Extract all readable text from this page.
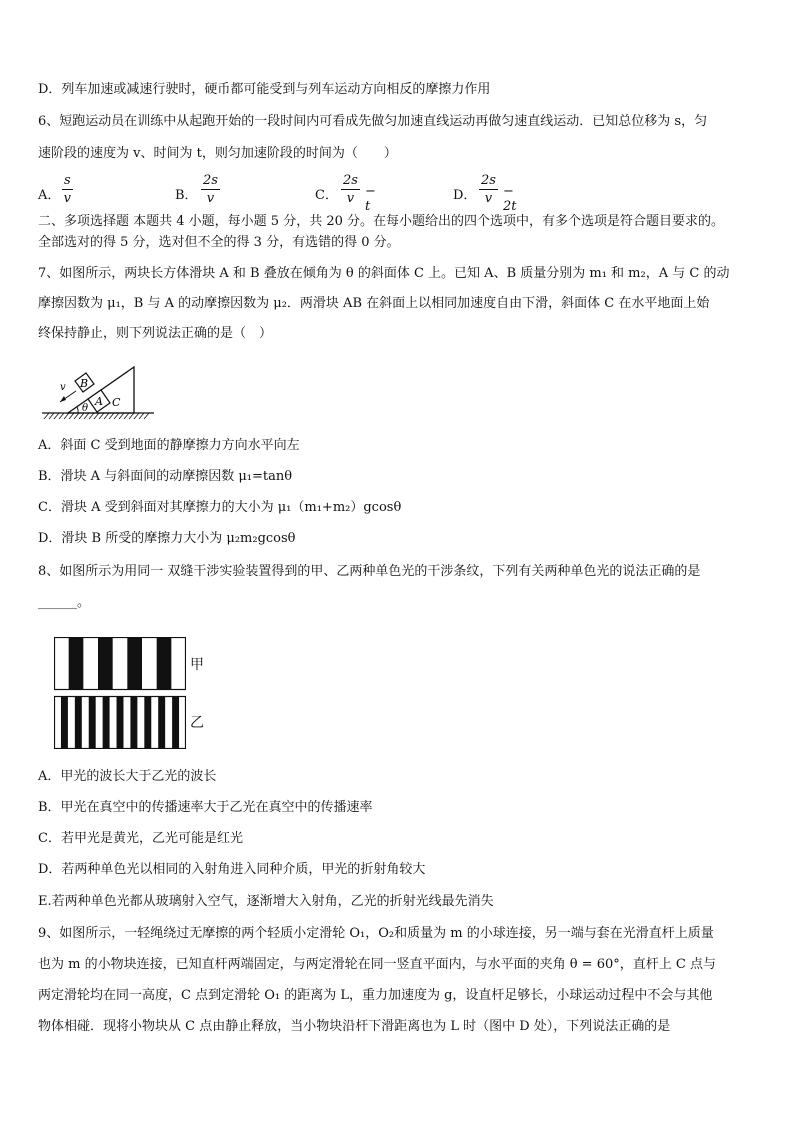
D．列车加速或减速行驶时，硬币都可能受到与列车运动方向相反的摩擦力作用
6、短跑运动员在训练中从起跑开始的一段时间内可看成先做匀加速直线运动再做匀速直线运动．已知总位移为 s，匀
速阶段的速度为 v、时间为 t，则匀加速阶段的时间为（　　）
A． $\frac{s}{v}$	B． $\frac{2s}{v}$	C． $\frac{2s}{v} - t$
D． $\frac{2s}{v} - 2t$
二、多项选择题 本题共 4 小题，每小题 5 分，共 20 分。在每小题给出的四个选项中，有多个选项是符合题目要求的。
全部选对的得 5 分，选对但不全的得 3 分，有选错的得 0 分。
7、如图所示，两块长方体滑块 A 和 B 叠放在倾角为 θ 的斜面体 C 上。已知 A、B 质量分别为 m₁ 和 m₂，A 与 C 的动
摩擦因数为 μ₁，B 与 A 的动摩擦因数为 μ₂．两滑块 AB 在斜面上以相同加速度自由下滑，斜面体 C 在水平地面上始
终保持静止，则下列说法正确的是（　）
B
A C
v
θ
A．斜面 C 受到地面的静摩擦力方向水平向左
B．滑块 A 与斜面间的动摩擦因数 μ₁=tanθ
C．滑块 A 受到斜面对其摩擦力的大小为 μ₁（m₁+m₂）gcosθ
D．滑块 B 所受的摩擦力大小为 μ₂m₂gcosθ
8、如图所示为用同一 双缝干涉实验装置得到的甲、乙两种单色光的干涉条纹，下列有关两种单色光的说法正确的是
______。
甲
乙
A．甲光的波长大于乙光的波长
B．甲光在真空中的传播速率大于乙光在真空中的传播速率
C．若甲光是黄光，乙光可能是红光
D．若两种单色光以相同的入射角进入同种介质，甲光的折射角较大
E.若两种单色光都从玻璃射入空气，逐渐增大入射角，乙光的折射光线最先消失
9、如图所示，一轻绳绕过无摩擦的两个轻质小定滑轮 O₁，O₂和质量为 m 的小球连接，另一端与套在光滑直杆上质量
也为 m 的小物块连接，已知直杆两端固定，与两定滑轮在同一竖直平面内，与水平面的夹角 θ = 60°，直杆上 C 点与
两定滑轮均在同一高度，C 点到定滑轮 O₁ 的距离为 L，重力加速度为 g，设直杆足够长，小球运动过程中不会与其他
物体相碰．现将小物块从 C 点由静止释放，当小物块沿杆下滑距离也为 L 时（图中 D 处），下列说法正确的是
